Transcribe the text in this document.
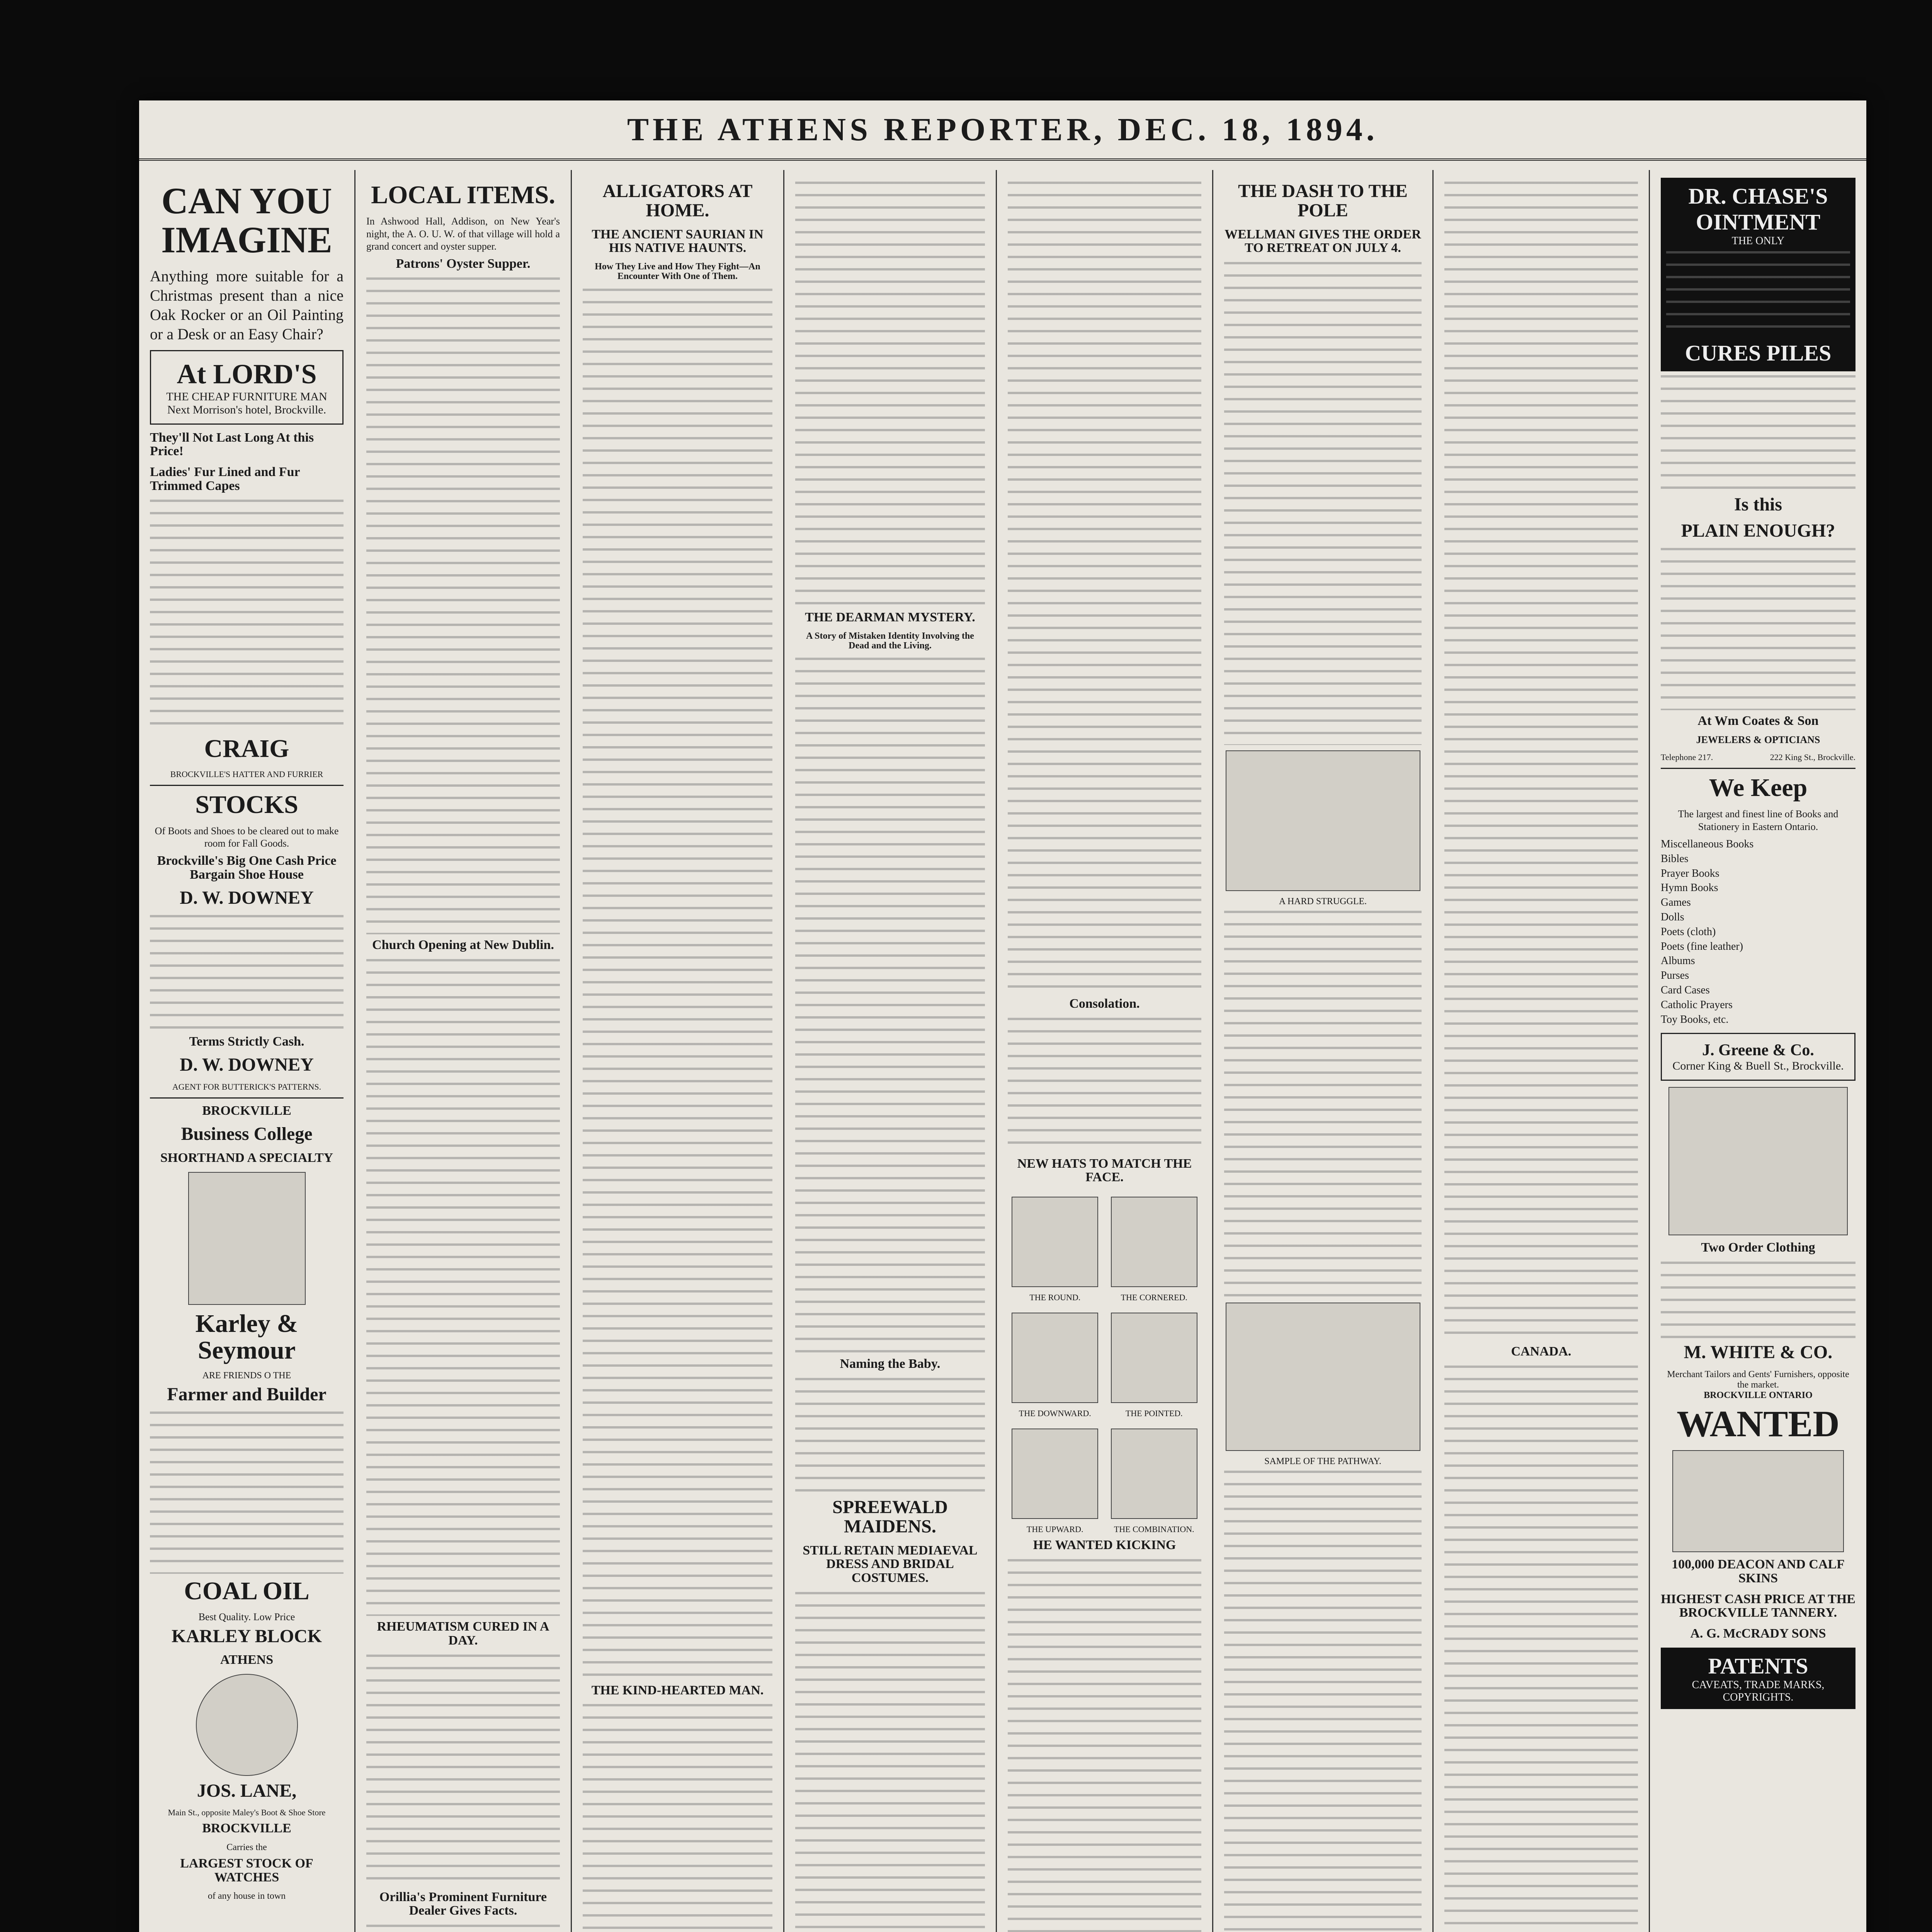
THE ATHENS REPORTER, DEC. 18, 1894.
CAN YOU IMAGINE

Anything more suitable for a Christmas present than a nice Oak Rocker or an Oil Painting or a Desk or an Easy Chair?

At LORD'S
THE CHEAP FURNITURE MAN
Next Morrison's hotel, Brockville.
They'll Not Last Long At this Price!
Ladies' Fur Lined and Fur Trimmed Capes
CRAIG
BROCKVILLE'S HATTER AND FURRIER
STOCKS

Of Boots and Shoes to be cleared out to make room for Fall Goods.

Brockville's Big One Cash Price Bargain Shoe House
D. W. DOWNEY
Terms Strictly Cash.
D. W. DOWNEY
AGENT FOR BUTTERICK'S PATTERNS.
BROCKVILLE
Business College
SHORTHAND A SPECIALTY
Karley & Seymour
ARE FRIENDS O THE
Farmer and Builder
COAL OIL
Best Quality. Low Price
KARLEY BLOCK
ATHENS
JOS. LANE,
Main St., opposite Maley's Boot & Shoe Store
BROCKVILLE
Carries the
LARGEST STOCK OF WATCHES
of any house in town
LOCAL ITEMS.

In Ashwood Hall, Addison, on New Year's night, the A. O. U. W. of that village will hold a grand concert and oyster supper.

Patrons' Oyster Supper.
Church Opening at New Dublin.
RHEUMATISM CURED IN A DAY.
Orillia's Prominent Furniture Dealer Gives Facts.
ALLIGATORS AT HOME.
THE ANCIENT SAURIAN IN HIS NATIVE HAUNTS.
How They Live and How They Fight—An Encounter With One of Them.
THE KIND-HEARTED MAN.
THE DEARMAN MYSTERY.
A Story of Mistaken Identity Involving the Dead and the Living.
Naming the Baby.
SPREEWALD MAIDENS.
STILL RETAIN MEDIAEVAL DRESS AND BRIDAL COSTUMES.
Consolation.
NEW HATS TO MATCH THE FACE.
THE ROUND.	THE CORNERED.
THE DOWNWARD.	THE POINTED.
THE UPWARD.	THE COMBINATION.
HE WANTED KICKING
THE DASH TO THE POLE
WELLMAN GIVES THE ORDER TO RETREAT ON JULY 4.
A HARD STRUGGLE.
SAMPLE OF THE PATHWAY.
CANADA.
DR. CHASE'S OINTMENT
THE ONLY
CURES PILES
Is this
PLAIN ENOUGH?
At Wm Coates & Son
JEWELERS & OPTICIANS
Telephone 217.	222 King St., Brockville.
We Keep

The largest and finest line of Books and Stationery in Eastern Ontario.

Miscellaneous Books
Bibles
Prayer Books
Hymn Books
Games
Dolls
Poets (cloth)
Poets (fine leather)
Albums
Purses
Card Cases
Catholic Prayers
Toy Books, etc.
J. Greene & Co.
Corner King & Buell St., Brockville.
Two Order Clothing
M. WHITE & CO.
Merchant Tailors and Gents' Furnishers, opposite the market.
BROCKVILLE ONTARIO
WANTED
100,000 DEACON AND CALF SKINS
HIGHEST CASH PRICE AT THE BROCKVILLE TANNERY.
A. G. McCRADY SONS
PATENTS
CAVEATS, TRADE MARKS, COPYRIGHTS.
